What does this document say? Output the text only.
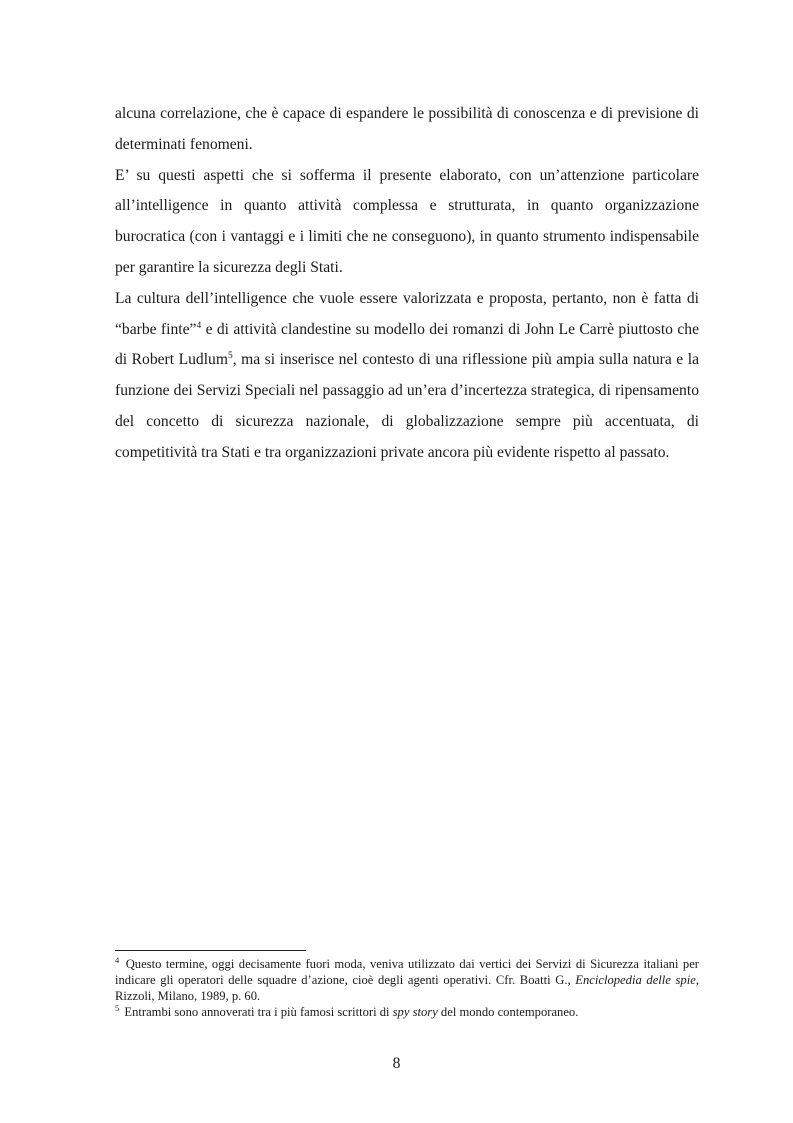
alcuna correlazione, che è capace di espandere le possibilità di conoscenza e di previsione di determinati fenomeni.

E’ su questi aspetti che si sofferma il presente elaborato, con un’attenzione particolare all’intelligence in quanto attività complessa e strutturata, in quanto organizzazione burocratica (con i vantaggi e i limiti che ne conseguono), in quanto strumento indispensabile per garantire la sicurezza degli Stati.

La cultura dell’intelligence che vuole essere valorizzata e proposta, pertanto, non è fatta di “barbe finte”$^4$ e di attività clandestine su modello dei romanzi di John Le Carrè piuttosto che di Robert Ludlum$^5$, ma si inserisce nel contesto di una riflessione più ampia sulla natura e la funzione dei Servizi Speciali nel passaggio ad un’era d’incertezza strategica, di ripensamento del concetto di sicurezza nazionale, di globalizzazione sempre più accentuata, di competitività tra Stati e tra organizzazioni private ancora più evidente rispetto al passato.

$^4$ Questo termine, oggi decisamente fuori moda, veniva utilizzato dai vertici dei Servizi di Sicurezza italiani per indicare gli operatori delle squadre d’azione, cioè degli agenti operativi. Cfr. Boatti G., Enciclopedia delle spie, Rizzoli, Milano, 1989, p. 60.

$^5$ Entrambi sono annoverati tra i più famosi scrittori di spy story del mondo contemporaneo.

8
